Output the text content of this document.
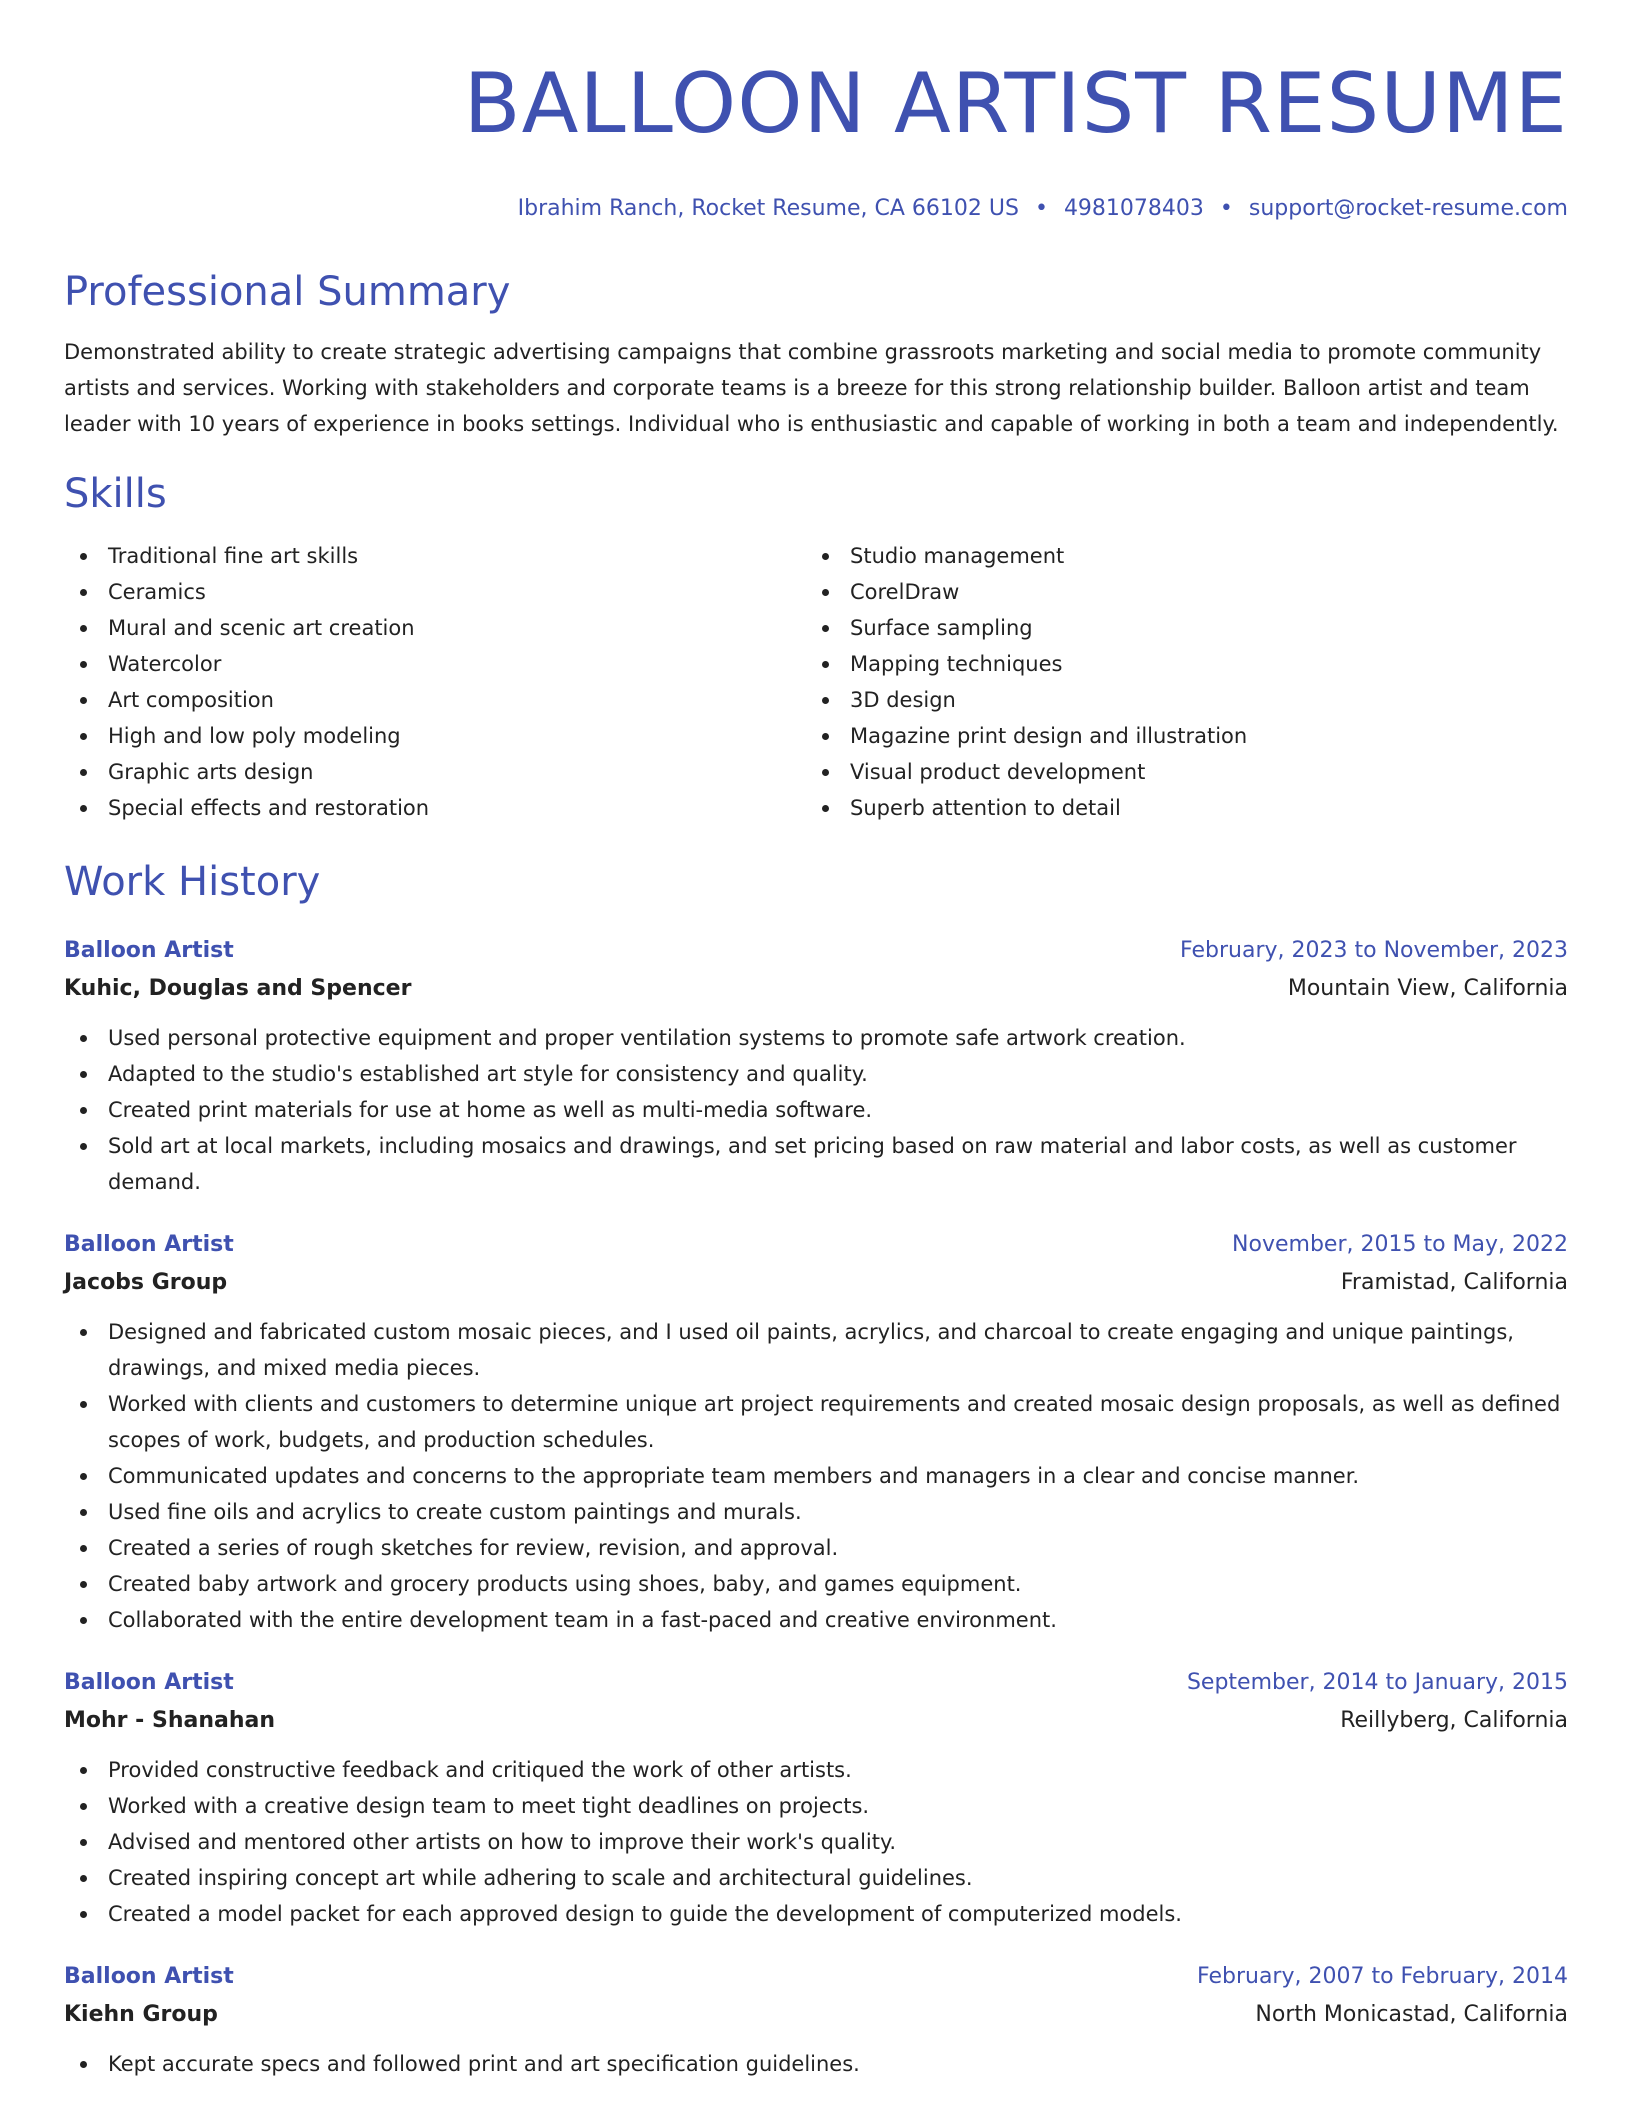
BALLOON ARTIST RESUME
Ibrahim Ranch, Rocket Resume, CA 66102 US • 4981078403 • support@rocket-resume.com
Professional Summary

Demonstrated ability to create strategic advertising campaigns that combine grassroots marketing and social media to promote community artists and services. Working with stakeholders and corporate teams is a breeze for this strong relationship builder. Balloon artist and team leader with 10 years of experience in books settings. Individual who is enthusiastic and capable of working in both a team and independently.

Skills
Traditional fine art skills
Ceramics
Mural and scenic art creation
Watercolor
Art composition
High and low poly modeling
Graphic arts design
Special effects and restoration
Studio management
CorelDraw
Surface sampling
Mapping techniques
3D design
Magazine print design and illustration
Visual product development
Superb attention to detail
Work History
Balloon Artist	February, 2023 to November, 2023
Kuhic, Douglas and Spencer	Mountain View, California
Used personal protective equipment and proper ventilation systems to promote safe artwork creation.
Adapted to the studio's established art style for consistency and quality.
Created print materials for use at home as well as multi-media software.
Sold art at local markets, including mosaics and drawings, and set pricing based on raw material and labor costs, as well as customer demand.
Balloon Artist	November, 2015 to May, 2022
Jacobs Group	Framistad, California
Designed and fabricated custom mosaic pieces, and I used oil paints, acrylics, and charcoal to create engaging and unique paintings, drawings, and mixed media pieces.
Worked with clients and customers to determine unique art project requirements and created mosaic design proposals, as well as defined scopes of work, budgets, and production schedules.
Communicated updates and concerns to the appropriate team members and managers in a clear and concise manner.
Used fine oils and acrylics to create custom paintings and murals.
Created a series of rough sketches for review, revision, and approval.
Created baby artwork and grocery products using shoes, baby, and games equipment.
Collaborated with the entire development team in a fast-paced and creative environment.
Balloon Artist	September, 2014 to January, 2015
Mohr - Shanahan	Reillyberg, California
Provided constructive feedback and critiqued the work of other artists.
Worked with a creative design team to meet tight deadlines on projects.
Advised and mentored other artists on how to improve their work's quality.
Created inspiring concept art while adhering to scale and architectural guidelines.
Created a model packet for each approved design to guide the development of computerized models.
Balloon Artist	February, 2007 to February, 2014
Kiehn Group	North Monicastad, California
Kept accurate specs and followed print and art specification guidelines.
